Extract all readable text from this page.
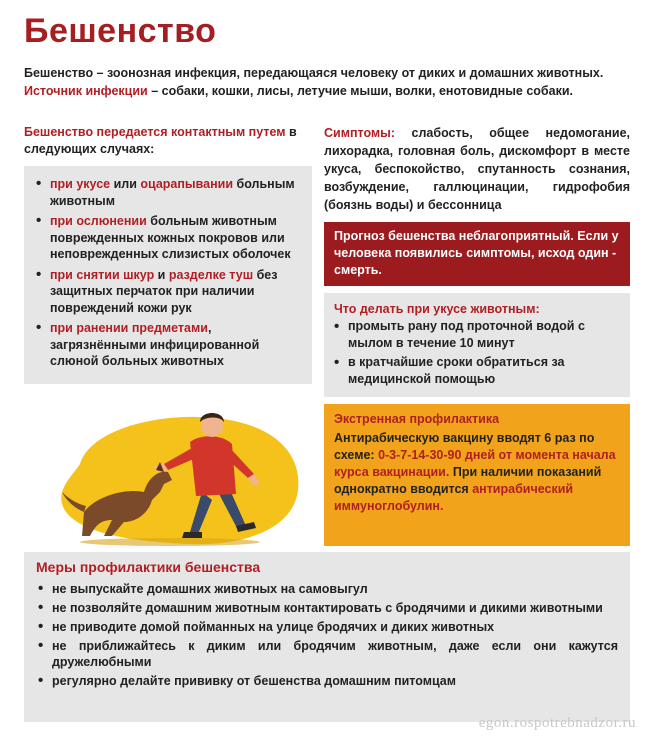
Бешенство

Бешенство – зоонозная инфекция, передающаяся человеку от диких и домашних животных.

Источник инфекции – собаки, кошки, лисы, летучие мыши, волки, енотовидные собаки.

Бешенство передается контактным путем в следующих случаях:
• при укусе или оцарапывании больным животным
• при ослюнении больным животным поврежденных кожных покровов или неповрежденных слизистых оболочек
• при снятии шкур и разделке туш без защитных перчаток при наличии повреждений кожи рук
• при ранении предметами, загрязнёнными инфицированной слюной больных животных
Симптомы: слабость, общее недомогание, лихорадка, головная боль, дискомфорт в месте укуса, беспокойство, спутанность сознания, возбуждение, галлюцинации, гидрофобия (боязнь воды) и бессонница
Прогноз бешенства неблагоприятный. Если у человека появились симптомы, исход один - смерть.
Что делать при укусе животным:
• промыть рану под проточной водой с мылом в течение 10 минут
• в кратчайшие сроки обратиться за медицинской помощью
Экстренная профилактика
Антирабическую вакцину вводят 6 раз по схеме: 0-3-7-14-30-90 дней от момента начала курса вакцинации. При наличии показаний однократно вводится антирабический иммуноглобулин.
Меры профилактики бешенства
• не выпускайте домашних животных на самовыгул
• не позволяйте домашним животным контактировать с бродячими и дикими животными
• не приводите домой пойманных на улице бродячих и диких животных
• не приближайтесь к диким или бродячим животным, даже если они кажутся дружелюбными
• регулярно делайте прививку от бешенства домашним питомцам
egon.rospotrebnadzor.ru
